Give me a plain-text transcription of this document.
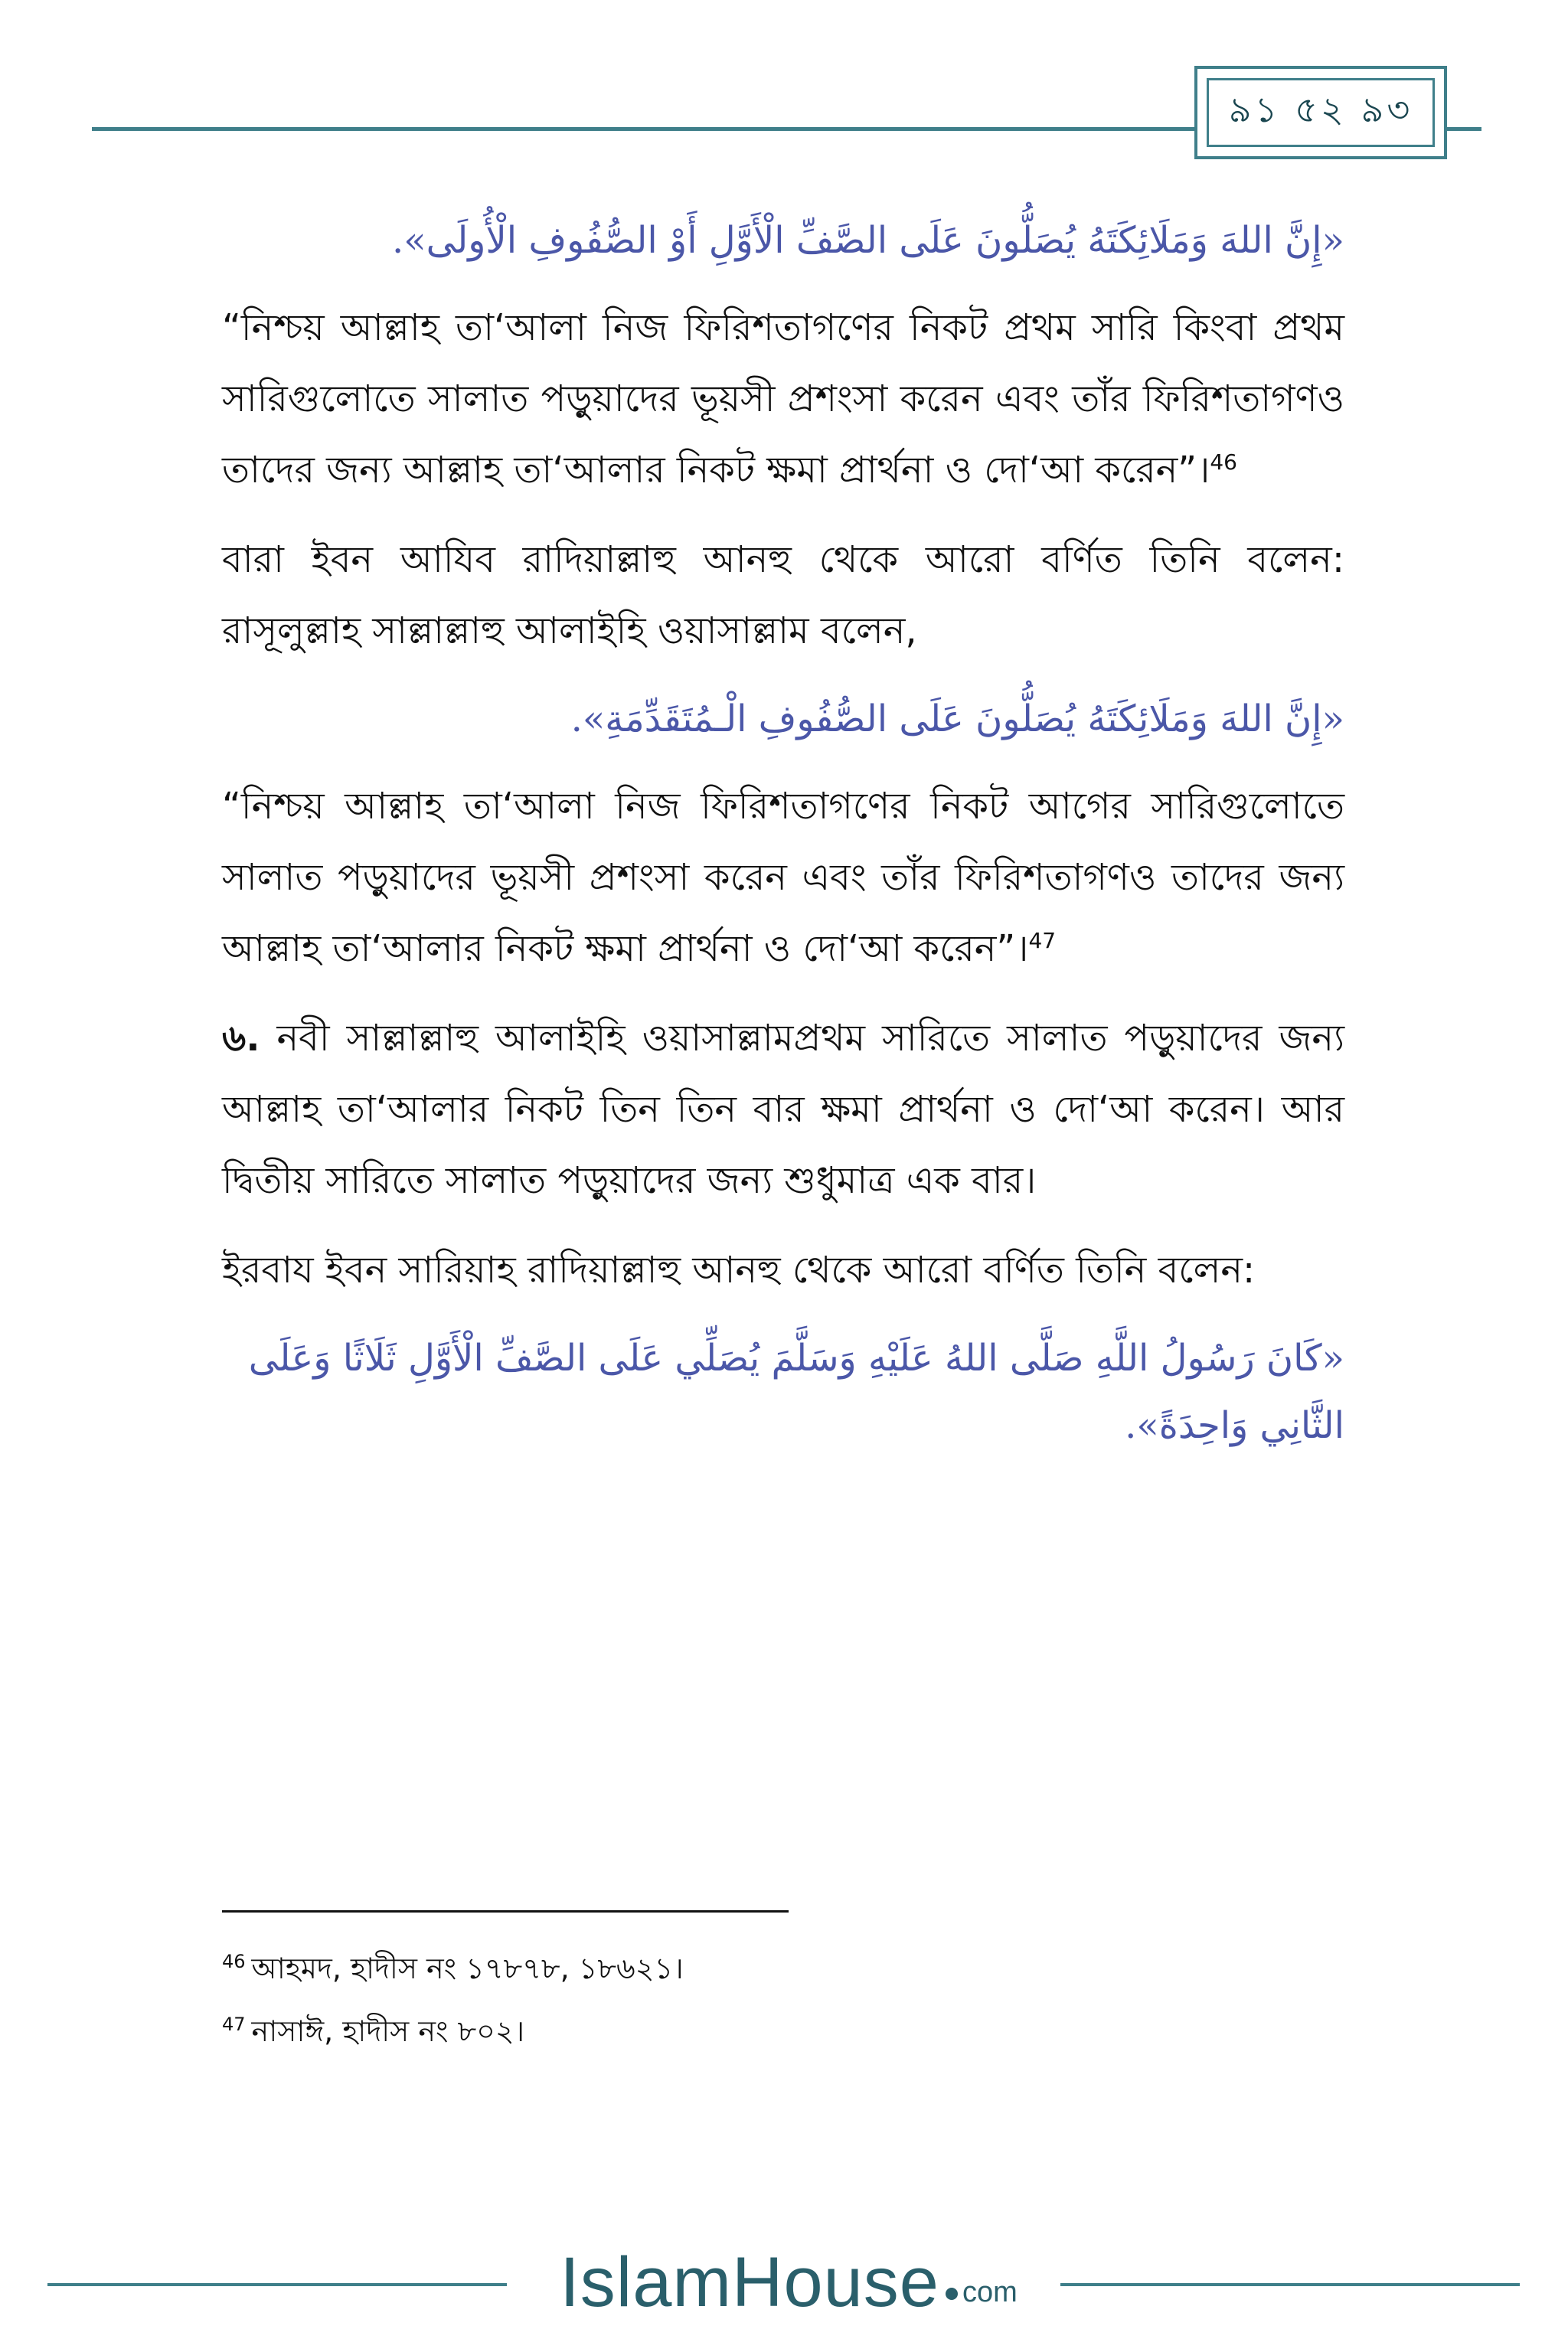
৯১ ৫২ ৯৩

«إِنَّ اللهَ وَمَلَائِكَتَهُ يُصَلُّونَ عَلَى الصَّفِّ الْأَوَّلِ أَوْ الصُّفُوفِ الْأُولَى».

“নিশ্চয় আল্লাহ তা‘আলা নিজ ফিরিশতাগণের নিকট প্রথম সারি কিংবা প্রথম সারিগুলোতে সালাত পড়ুয়াদের ভূয়সী প্রশংসা করেন এবং তাঁর ফিরিশতাগণও তাদের জন্য আল্লাহ তা‘আলার নিকট ক্ষমা প্রার্থনা ও দো‘আ করেন”।$^{46}$

বারা ইবন আযিব রাদিয়াল্লাহু আনহু থেকে আরো বর্ণিত তিনি বলেন: রাসূলুল্লাহ সাল্লাল্লাহু আলাইহি ওয়াসাল্লাম বলেন,

«إِنَّ اللهَ وَمَلَائِكَتَهُ يُصَلُّونَ عَلَى الصُّفُوفِ الْـمُتَقَدِّمَةِ».

“নিশ্চয় আল্লাহ তা‘আলা নিজ ফিরিশতাগণের নিকট আগের সারিগুলোতে সালাত পড়ুয়াদের ভূয়সী প্রশংসা করেন এবং তাঁর ফিরিশতাগণও তাদের জন্য আল্লাহ তা‘আলার নিকট ক্ষমা প্রার্থনা ও দো‘আ করেন”।$^{47}$

৬. নবী সাল্লাল্লাহু আলাইহি ওয়াসাল্লামপ্রথম সারিতে সালাত পড়ুয়াদের জন্য আল্লাহ তা‘আলার নিকট তিন তিন বার ক্ষমা প্রার্থনা ও দো‘আ করেন। আর দ্বিতীয় সারিতে সালাত পড়ুয়াদের জন্য শুধুমাত্র এক বার।

ইরবায ইবন সারিয়াহ রাদিয়াল্লাহু আনহু থেকে আরো বর্ণিত তিনি বলেন:

«كَانَ رَسُولُ اللَّهِ صَلَّى اللهُ عَلَيْهِ وَسَلَّمَ يُصَلِّي عَلَى الصَّفِّ الْأَوَّلِ ثَلَاثًا وَعَلَى الثَّانِي وَاحِدَةً».

$^{46}$ আহমদ, হাদীস নং ১৭৮৭৮, ১৮৬২১।

$^{47}$ নাসাঈ, হাদীস নং ৮০২।

IslamHouse com
